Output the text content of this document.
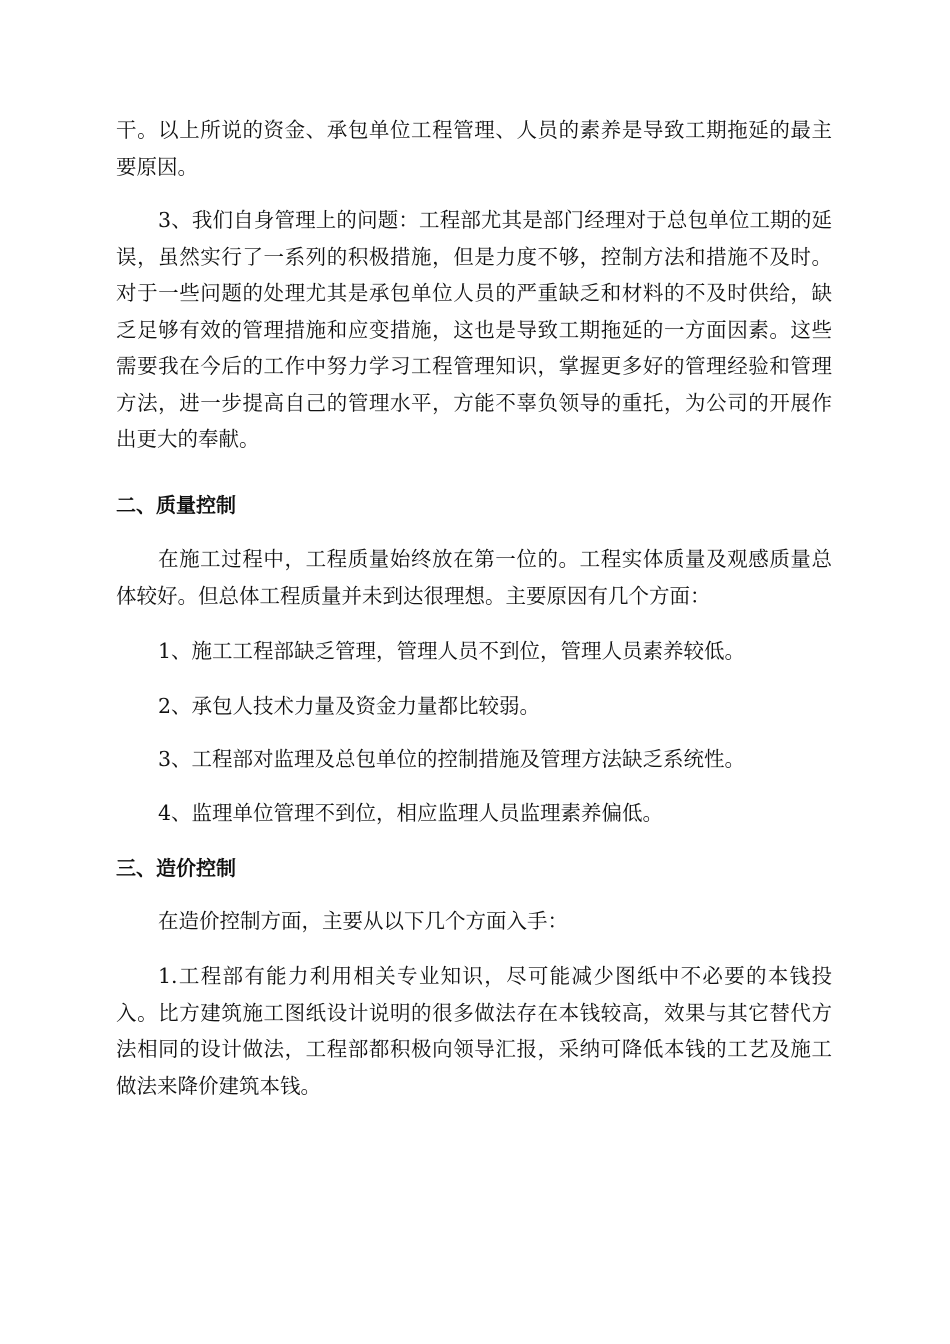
干。以上所说的资金、承包单位工程管理、人员的素养是导致工期拖延的最主要原因。

3、我们自身管理上的问题：工程部尤其是部门经理对于总包单位工期的延误，虽然实行了一系列的积极措施，但是力度不够，控制方法和措施不及时。对于一些问题的处理尤其是承包单位人员的严重缺乏和材料的不及时供给，缺乏足够有效的管理措施和应变措施，这也是导致工期拖延的一方面因素。这些需要我在今后的工作中努力学习工程管理知识，掌握更多好的管理经验和管理方法，进一步提高自己的管理水平，方能不辜负领导的重托，为公司的开展作出更大的奉献。

二、质量控制

在施工过程中，工程质量始终放在第一位的。工程实体质量及观感质量总体较好。但总体工程质量并未到达很理想。主要原因有几个方面：

1、施工工程部缺乏管理，管理人员不到位，管理人员素养较低。

2、承包人技术力量及资金力量都比较弱。

3、工程部对监理及总包单位的控制措施及管理方法缺乏系统性。

4、监理单位管理不到位，相应监理人员监理素养偏低。

三、造价控制

在造价控制方面，主要从以下几个方面入手：

1.工程部有能力利用相关专业知识，尽可能减少图纸中不必要的本钱投入。比方建筑施工图纸设计说明的很多做法存在本钱较高，效果与其它替代方法相同的设计做法，工程部都积极向领导汇报，采纳可降低本钱的工艺及施工做法来降价建筑本钱。
